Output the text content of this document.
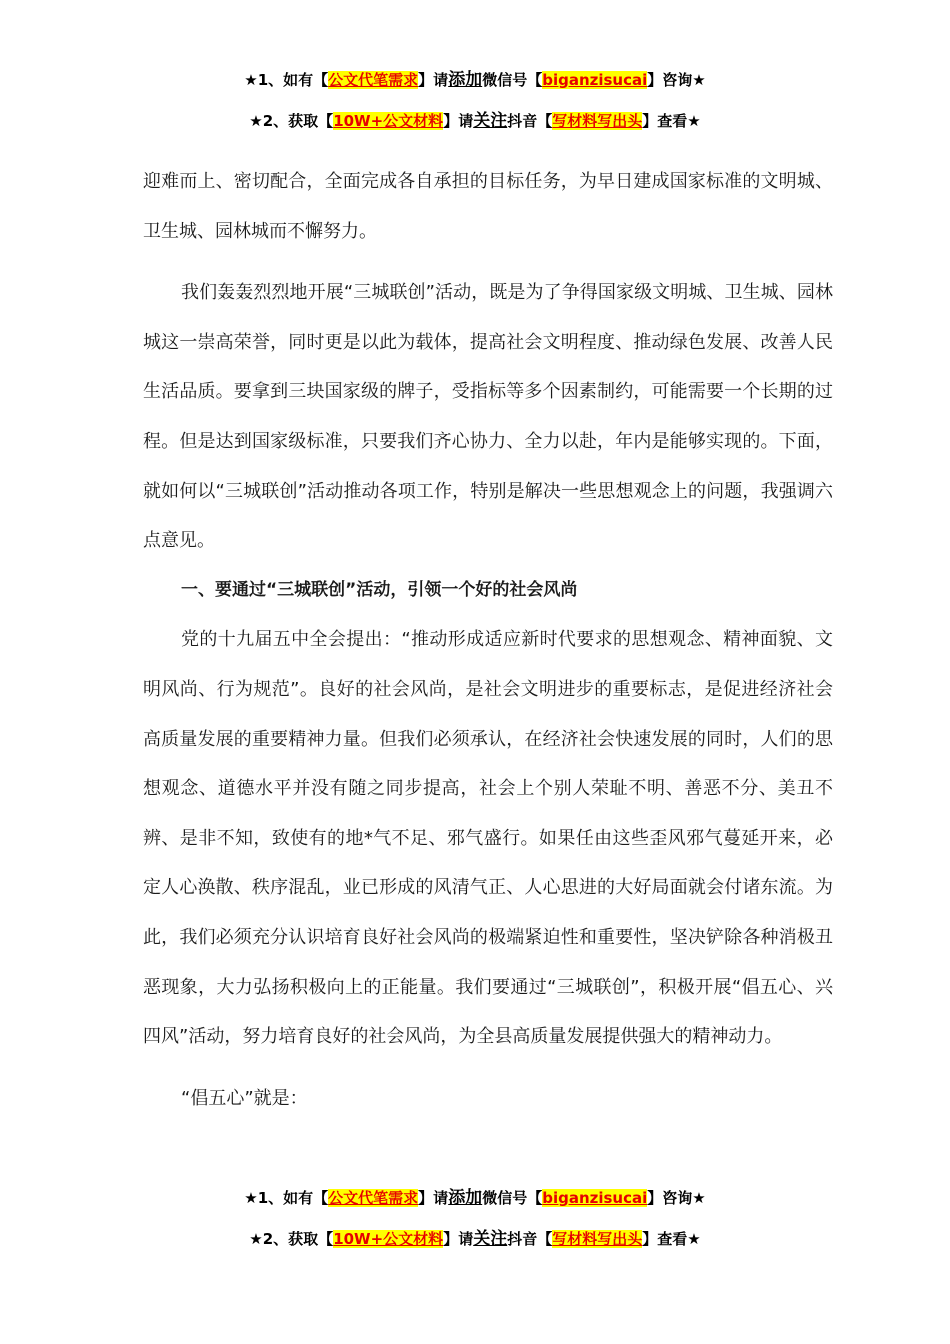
★1、如有【公文代笔需求】请添加微信号【biganzisucai】咨询★
★2、获取【10W+公文材料】请关注抖音【写材料写出头】查看★

迎难而上、密切配合，全面完成各自承担的目标任务，为早日建成国家标准的文明城、卫生城、园林城而不懈努力。

我们轰轰烈烈地开展“三城联创”活动，既是为了争得国家级文明城、卫生城、园林城这一崇高荣誉，同时更是以此为载体，提高社会文明程度、推动绿色发展、改善人民生活品质。要拿到三块国家级的牌子，受指标等多个因素制约，可能需要一个长期的过程。但是达到国家级标准，只要我们齐心协力、全力以赴，年内是能够实现的。下面，就如何以“三城联创”活动推动各项工作，特别是解决一些思想观念上的问题，我强调六点意见。

一、要通过“三城联创”活动，引领一个好的社会风尚

党的十九届五中全会提出：“推动形成适应新时代要求的思想观念、精神面貌、文明风尚、行为规范”。良好的社会风尚，是社会文明进步的重要标志，是促进经济社会高质量发展的重要精神力量。但我们必须承认，在经济社会快速发展的同时，人们的思想观念、道德水平并没有随之同步提高，社会上个别人荣耻不明、善恶不分、美丑不辨、是非不知，致使有的地*气不足、邪气盛行。如果任由这些歪风邪气蔓延开来，必定人心涣散、秩序混乱，业已形成的风清气正、人心思进的大好局面就会付诸东流。为此，我们必须充分认识培育良好社会风尚的极端紧迫性和重要性，坚决铲除各种消极丑恶现象，大力弘扬积极向上的正能量。我们要通过“三城联创”，积极开展“倡五心、兴四风”活动，努力培育良好的社会风尚，为全县高质量发展提供强大的精神动力。

“倡五心”就是：

★1、如有【公文代笔需求】请添加微信号【biganzisucai】咨询★
★2、获取【10W+公文材料】请关注抖音【写材料写出头】查看★
